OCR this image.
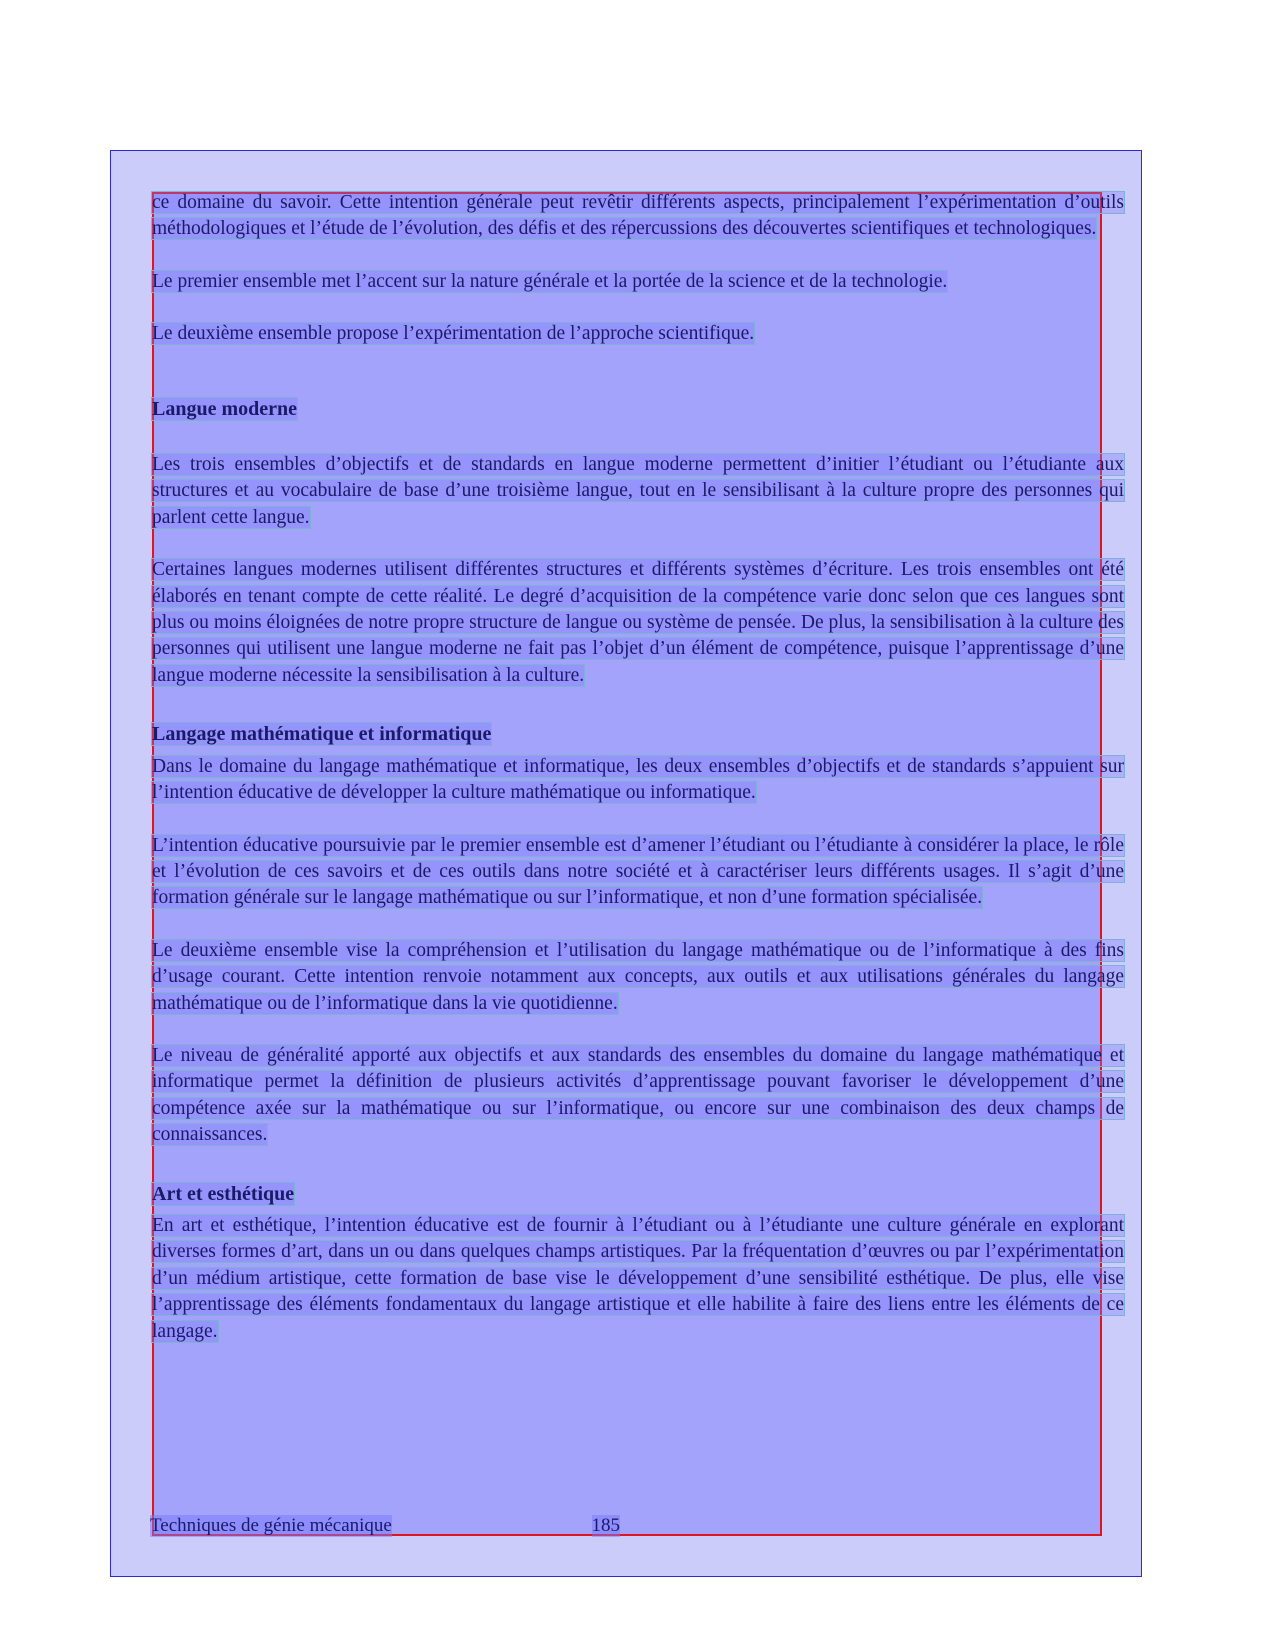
ce domaine du savoir. Cette intention générale peut revêtir différents aspects, principalement l’expérimentation d’outils méthodologiques et l’étude de l’évolution, des défis et des répercussions des découvertes scientifiques et technologiques.

Le premier ensemble met l’accent sur la nature générale et la portée de la science et de la technologie.

Le deuxième ensemble propose l’expérimentation de l’approche scientifique.

Langue moderne

Les trois ensembles d’objectifs et de standards en langue moderne permettent d’initier l’étudiant ou l’étudiante aux structures et au vocabulaire de base d’une troisième langue, tout en le sensibilisant à la culture propre des personnes qui parlent cette langue.

Certaines langues modernes utilisent différentes structures et différents systèmes d’écriture. Les trois ensembles ont été élaborés en tenant compte de cette réalité. Le degré d’acquisition de la compétence varie donc selon que ces langues sont plus ou moins éloignées de notre propre structure de langue ou système de pensée. De plus, la sensibilisation à la culture des personnes qui utilisent une langue moderne ne fait pas l’objet d’un élément de compétence, puisque l’apprentissage d’une langue moderne nécessite la sensibilisation à la culture.

Langage mathématique et informatique

Dans le domaine du langage mathématique et informatique, les deux ensembles d’objectifs et de standards s’appuient sur l’intention éducative de développer la culture mathématique ou informatique.

L’intention éducative poursuivie par le premier ensemble est d’amener l’étudiant ou l’étudiante à considérer la place, le rôle et l’évolution de ces savoirs et de ces outils dans notre société et à caractériser leurs différents usages. Il s’agit d’une formation générale sur le langage mathématique ou sur l’informatique, et non d’une formation spécialisée.

Le deuxième ensemble vise la compréhension et l’utilisation du langage mathématique ou de l’informatique à des fins d’usage courant. Cette intention renvoie notamment aux concepts, aux outils et aux utilisations générales du langage mathématique ou de l’informatique dans la vie quotidienne.

Le niveau de généralité apporté aux objectifs et aux standards des ensembles du domaine du langage mathématique et informatique permet la définition de plusieurs activités d’apprentissage pouvant favoriser le développement d’une compétence axée sur la mathématique ou sur l’informatique, ou encore sur une combinaison des deux champs de connaissances.

Art et esthétique

En art et esthétique, l’intention éducative est de fournir à l’étudiant ou à l’étudiante une culture générale en explorant diverses formes d’art, dans un ou dans quelques champs artistiques. Par la fréquentation d’œuvres ou par l’expérimentation d’un médium artistique, cette formation de base vise le développement d’une sensibilité esthétique. De plus, elle vise l’apprentissage des éléments fondamentaux du langage artistique et elle habilite à faire des liens entre les éléments de ce langage.

Techniques de génie mécanique	185
